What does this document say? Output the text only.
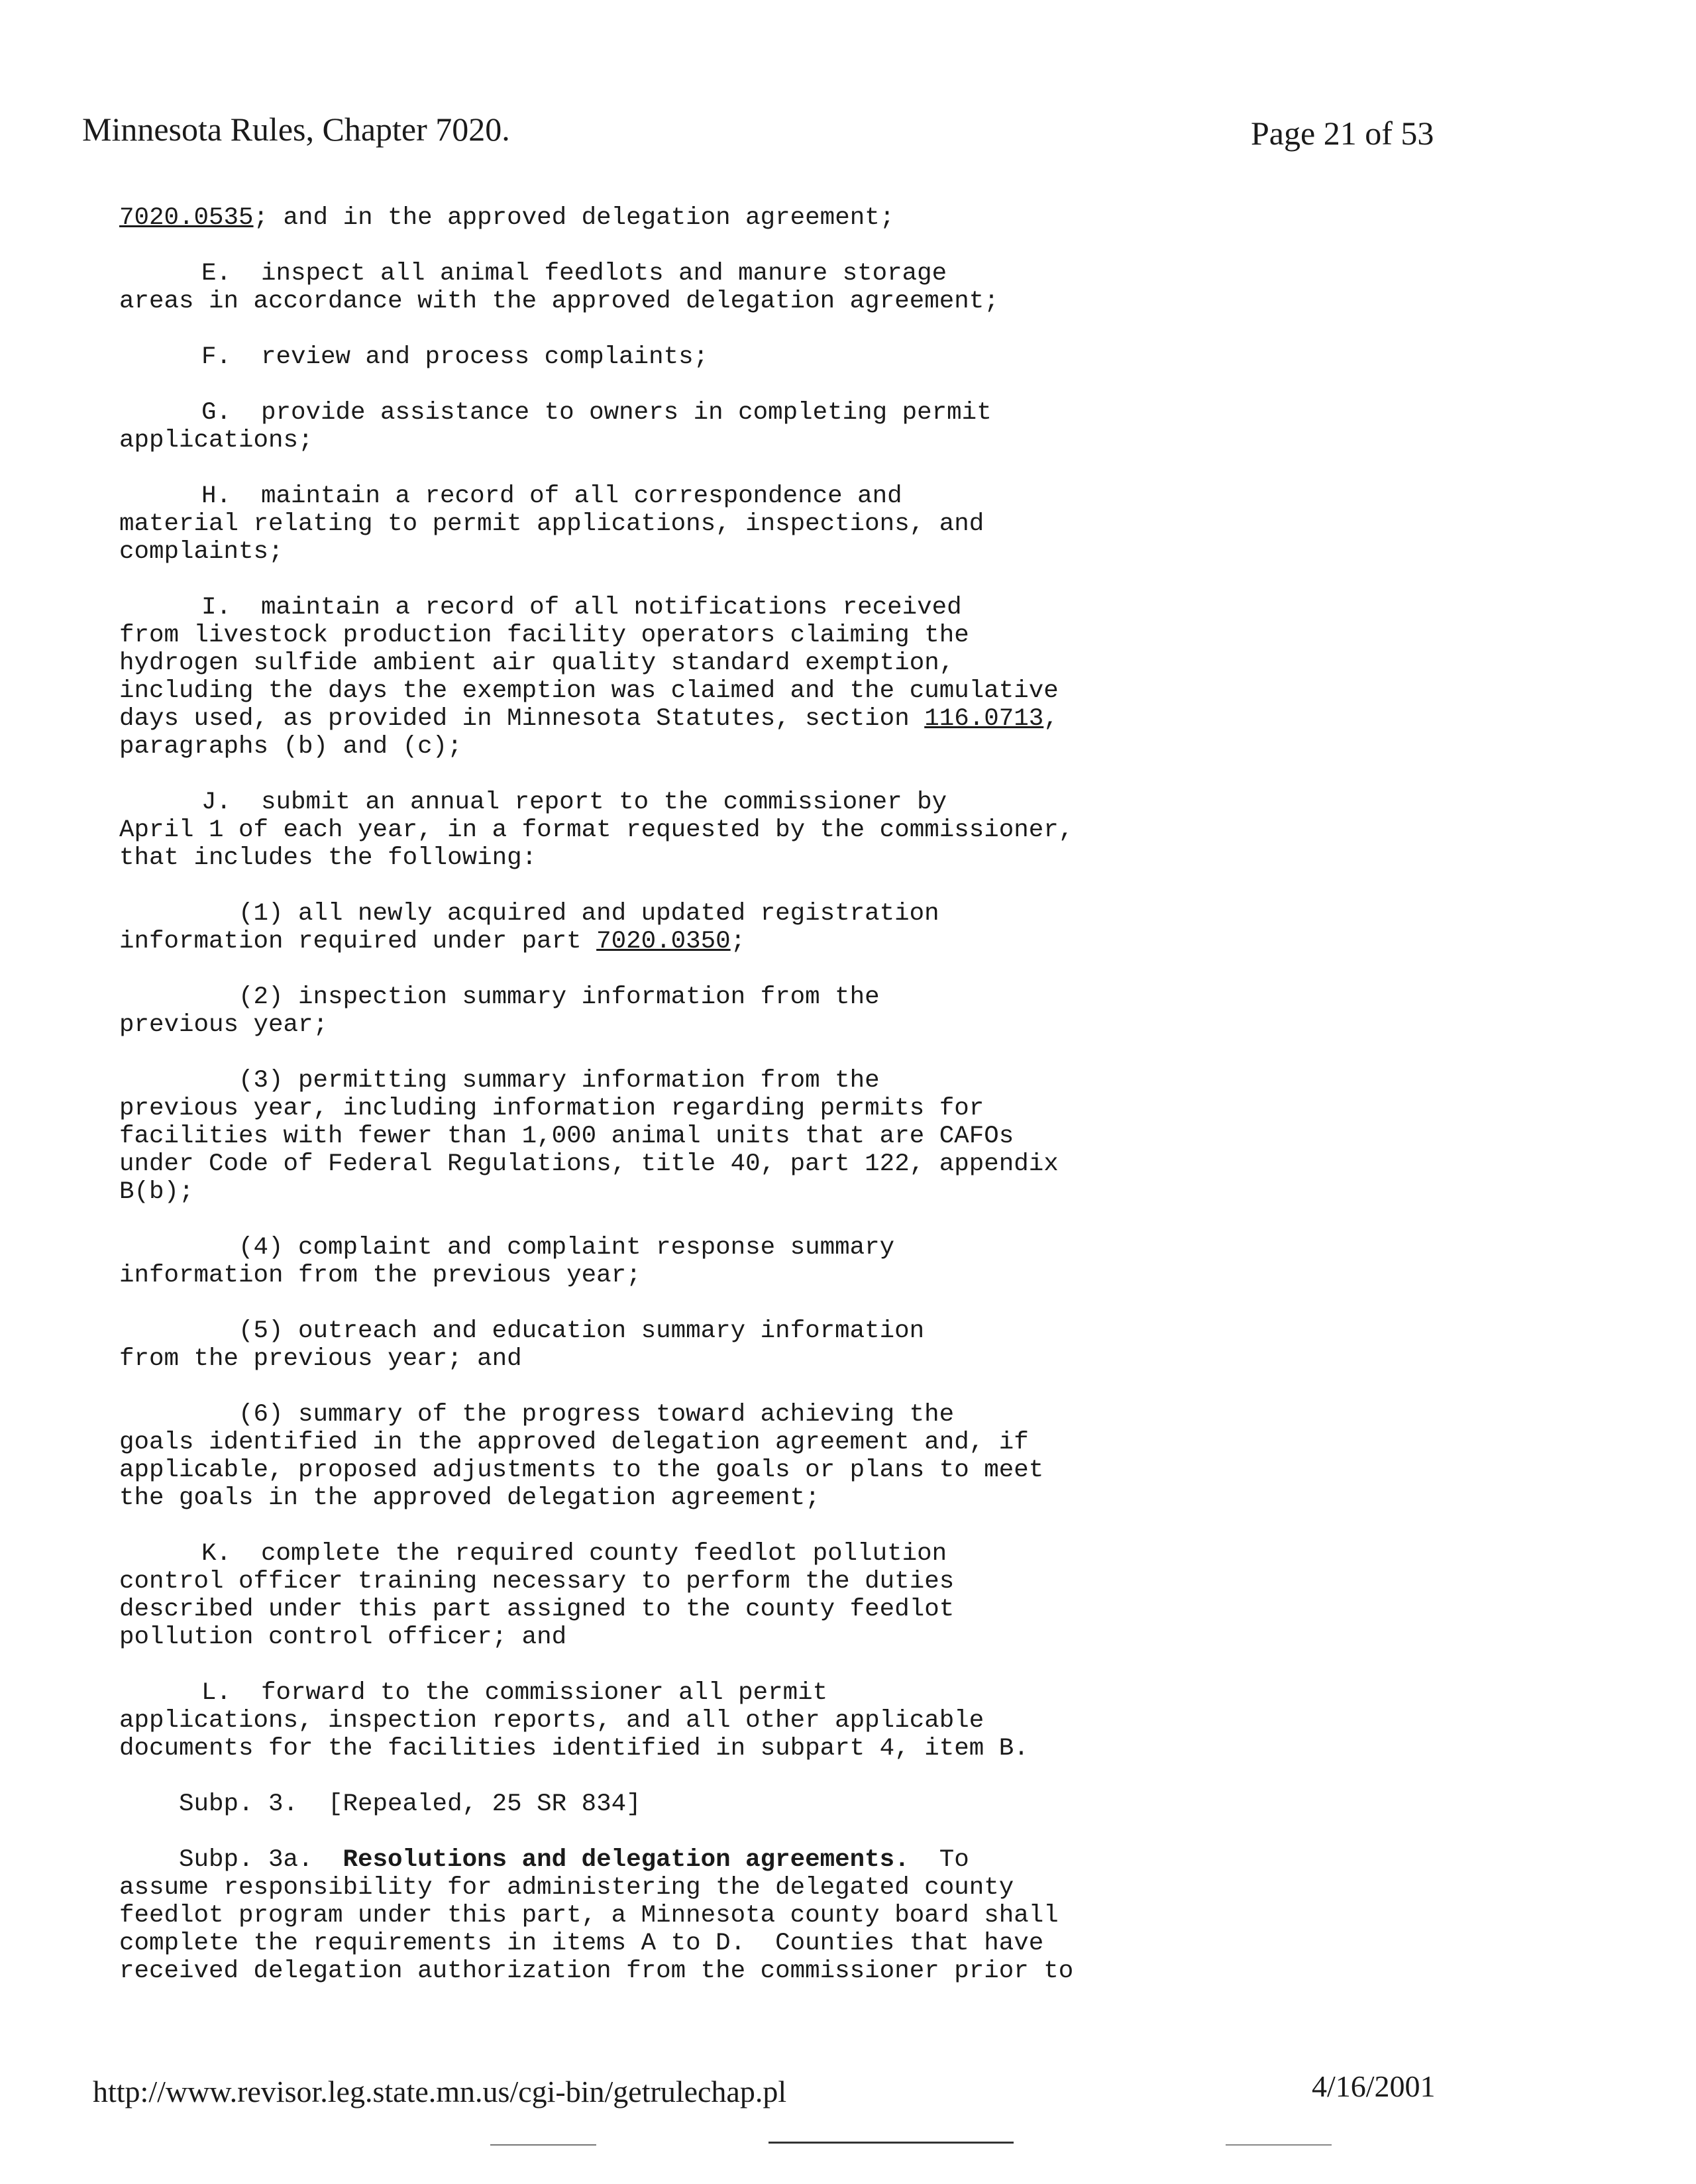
Minnesota Rules, Chapter 7020.	Page 21 of 53
7020.0535; and in the approved delegation agreement;
E.  inspect all animal feedlots and manure storage
areas in accordance with the approved delegation agreement;
F.  review and process complaints;
G.  provide assistance to owners in completing permit
applications;
H.  maintain a record of all correspondence and
material relating to permit applications, inspections, and
complaints;
I.  maintain a record of all notifications received
from livestock production facility operators claiming the
hydrogen sulfide ambient air quality standard exemption,
including the days the exemption was claimed and the cumulative
days used, as provided in Minnesota Statutes, section 116.0713,
paragraphs (b) and (c);
J.  submit an annual report to the commissioner by
April 1 of each year, in a format requested by the commissioner,
that includes the following:
(1) all newly acquired and updated registration
information required under part 7020.0350;
(2) inspection summary information from the
previous year;
(3) permitting summary information from the
previous year, including information regarding permits for
facilities with fewer than 1,000 animal units that are CAFOs
under Code of Federal Regulations, title 40, part 122, appendix
B(b);
(4) complaint and complaint response summary
information from the previous year;
(5) outreach and education summary information
from the previous year; and
(6) summary of the progress toward achieving the
goals identified in the approved delegation agreement and, if
applicable, proposed adjustments to the goals or plans to meet
the goals in the approved delegation agreement;
K.  complete the required county feedlot pollution
control officer training necessary to perform the duties
described under this part assigned to the county feedlot
pollution control officer; and
L.  forward to the commissioner all permit
applications, inspection reports, and all other applicable
documents for the facilities identified in subpart 4, item B.
Subp. 3.  [Repealed, 25 SR 834]
Subp. 3a.  Resolutions and delegation agreements.  To
assume responsibility for administering the delegated county
feedlot program under this part, a Minnesota county board shall
complete the requirements in items A to D.  Counties that have
received delegation authorization from the commissioner prior to
http://www.revisor.leg.state.mn.us/cgi-bin/getrulechap.pl	4/16/2001
